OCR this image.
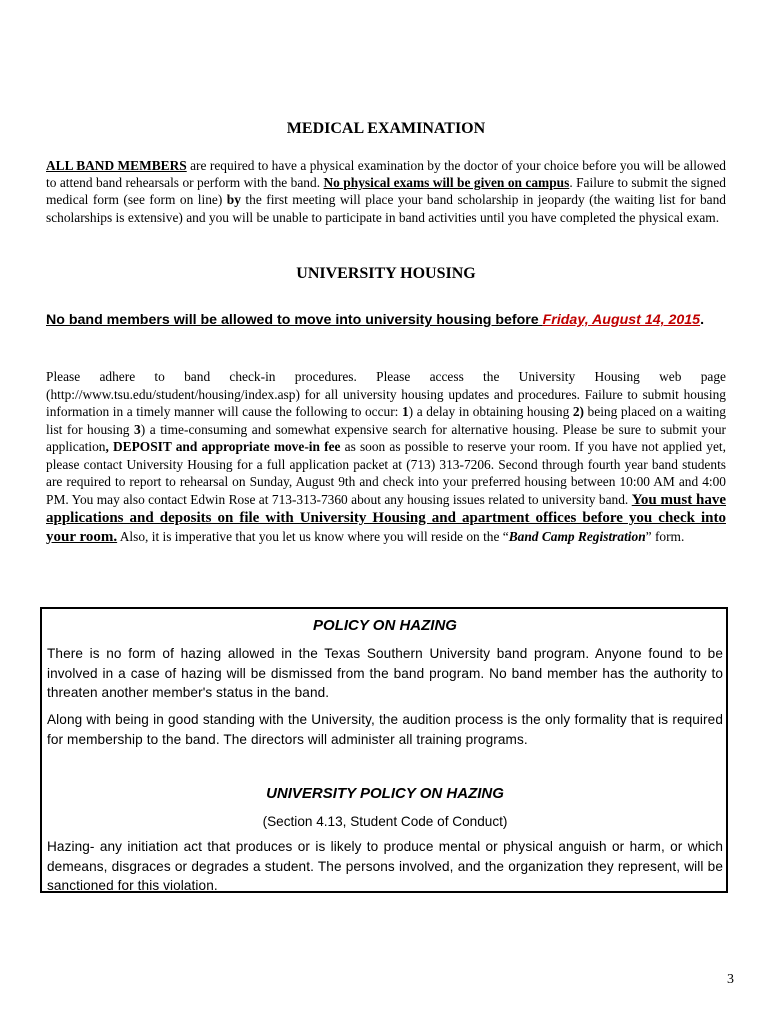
MEDICAL EXAMINATION

ALL BAND MEMBERS are required to have a physical examination by the doctor of your choice before you will be allowed to attend band rehearsals or perform with the band. No physical exams will be given on campus. Failure to submit the signed medical form (see form on line) by the first meeting will place your band scholarship in jeopardy (the waiting list for band scholarships is extensive) and you will be unable to participate in band activities until you have completed the physical exam.

UNIVERSITY HOUSING

No band members will be allowed to move into university housing before Friday, August 14, 2015.

Please adhere to band check-in procedures. Please access the University Housing web page (http://www.tsu.edu/student/housing/index.asp) for all university housing updates and procedures. Failure to submit housing information in a timely manner will cause the following to occur: 1) a delay in obtaining housing 2) being placed on a waiting list for housing 3) a time-consuming and somewhat expensive search for alternative housing. Please be sure to submit your application, DEPOSIT and appropriate move-in fee as soon as possible to reserve your room. If you have not applied yet, please contact University Housing for a full application packet at (713) 313-7206. Second through fourth year band students are required to report to rehearsal on Sunday, August 9th and check into your preferred housing between 10:00 AM and 4:00 PM. You may also contact Edwin Rose at 713-313-7360 about any housing issues related to university band. You must have applications and deposits on file with University Housing and apartment offices before you check into your room. Also, it is imperative that you let us know where you will reside on the “Band Camp Registration” form.

POLICY ON HAZING

There is no form of hazing allowed in the Texas Southern University band program. Anyone found to be involved in a case of hazing will be dismissed from the band program. No band member has the authority to threaten another member's status in the band.

Along with being in good standing with the University, the audition process is the only formality that is required for membership to the band. The directors will administer all training programs.

UNIVERSITY POLICY ON HAZING
(Section 4.13, Student Code of Conduct)

Hazing- any initiation act that produces or is likely to produce mental or physical anguish or harm, or which demeans, disgraces or degrades a student. The persons involved, and the organization they represent, will be sanctioned for this violation.

3
